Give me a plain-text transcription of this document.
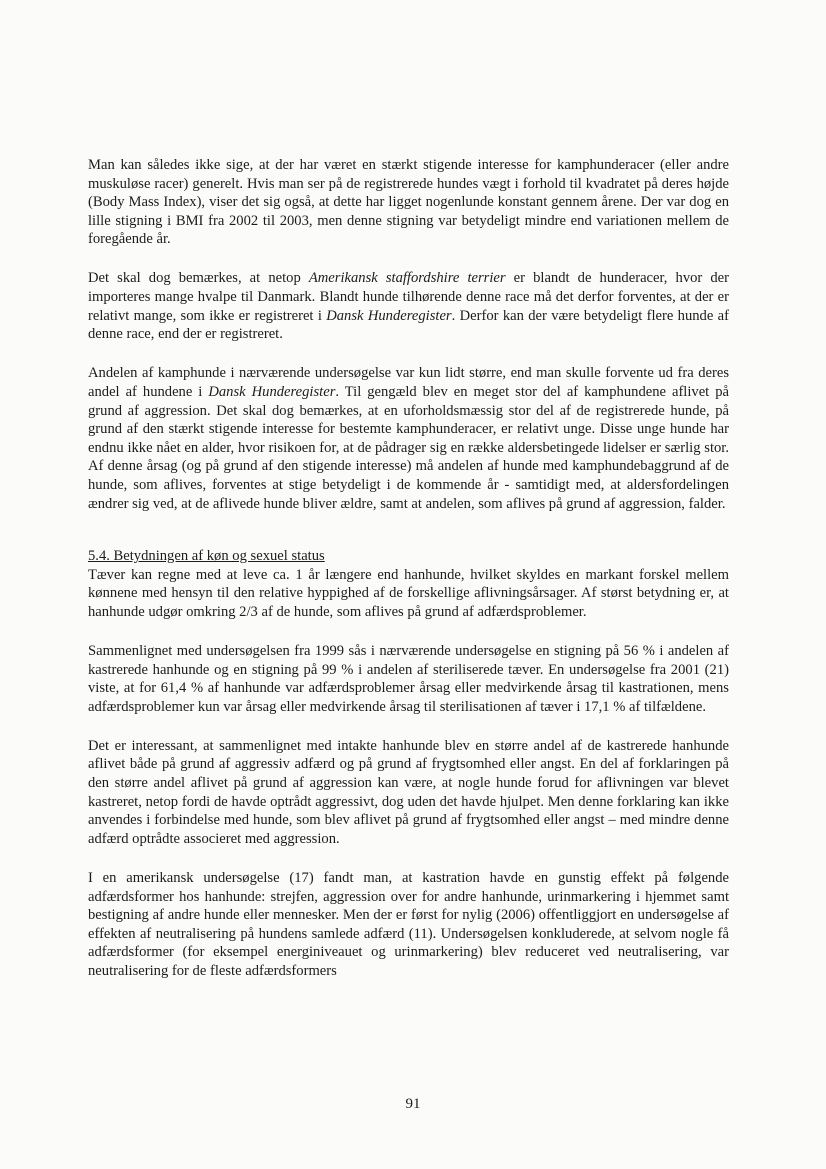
Man kan således ikke sige, at der har været en stærkt stigende interesse for kamphunderacer (eller andre muskuløse racer) generelt. Hvis man ser på de registrerede hundes vægt i forhold til kvadratet på deres højde (Body Mass Index), viser det sig også, at dette har ligget nogenlunde konstant gennem årene. Der var dog en lille stigning i BMI fra 2002 til 2003, men denne stigning var betydeligt mindre end variationen mellem de foregående år.

Det skal dog bemærkes, at netop Amerikansk staffordshire terrier er blandt de hunderacer, hvor der importeres mange hvalpe til Danmark. Blandt hunde tilhørende denne race må det derfor forventes, at der er relativt mange, som ikke er registreret i Dansk Hunderegister. Derfor kan der være betydeligt flere hunde af denne race, end der er registreret.

Andelen af kamphunde i nærværende undersøgelse var kun lidt større, end man skulle forvente ud fra deres andel af hundene i Dansk Hunderegister. Til gengæld blev en meget stor del af kamphundene aflivet på grund af aggression. Det skal dog bemærkes, at en uforholdsmæssig stor del af de registrerede hunde, på grund af den stærkt stigende interesse for bestemte kamphunderacer, er relativt unge. Disse unge hunde har endnu ikke nået en alder, hvor risikoen for, at de pådrager sig en række aldersbetingede lidelser er særlig stor. Af denne årsag (og på grund af den stigende interesse) må andelen af hunde med kamphundebaggrund af de hunde, som aflives, forventes at stige betydeligt i de kommende år - samtidigt med, at aldersfordelingen ændrer sig ved, at de aflivede hunde bliver ældre, samt at andelen, som aflives på grund af aggression, falder.

5.4. Betydningen af køn og sexuel status

Tæver kan regne med at leve ca. 1 år længere end hanhunde, hvilket skyldes en markant forskel mellem kønnene med hensyn til den relative hyppighed af de forskellige aflivningsårsager. Af størst betydning er, at hanhunde udgør omkring 2/3 af de hunde, som aflives på grund af adfærdsproblemer.

Sammenlignet med undersøgelsen fra 1999 sås i nærværende undersøgelse en stigning på 56 % i andelen af kastrerede hanhunde og en stigning på 99 % i andelen af steriliserede tæver. En undersøgelse fra 2001 (21) viste, at for 61,4 % af hanhunde var adfærdsproblemer årsag eller medvirkende årsag til kastrationen, mens adfærdsproblemer kun var årsag eller medvirkende årsag til sterilisationen af tæver i 17,1 % af tilfældene.

Det er interessant, at sammenlignet med intakte hanhunde blev en større andel af de kastrerede hanhunde aflivet både på grund af aggressiv adfærd og på grund af frygtsomhed eller angst. En del af forklaringen på den større andel aflivet på grund af aggression kan være, at nogle hunde forud for aflivningen var blevet kastreret, netop fordi de havde optrådt aggressivt, dog uden det havde hjulpet. Men denne forklaring kan ikke anvendes i forbindelse med hunde, som blev aflivet på grund af frygtsomhed eller angst – med mindre denne adfærd optrådte associeret med aggression.

I en amerikansk undersøgelse (17) fandt man, at kastration havde en gunstig effekt på følgende adfærdsformer hos hanhunde: strejfen, aggression over for andre hanhunde, urinmarkering i hjemmet samt bestigning af andre hunde eller mennesker. Men der er først for nylig (2006) offentliggjort en undersøgelse af effekten af neutralisering på hundens samlede adfærd (11). Undersøgelsen konkluderede, at selvom nogle få adfærdsformer (for eksempel energiniveauet og urinmarkering) blev reduceret ved neutralisering, var neutralisering for de fleste adfærdsformers

91
